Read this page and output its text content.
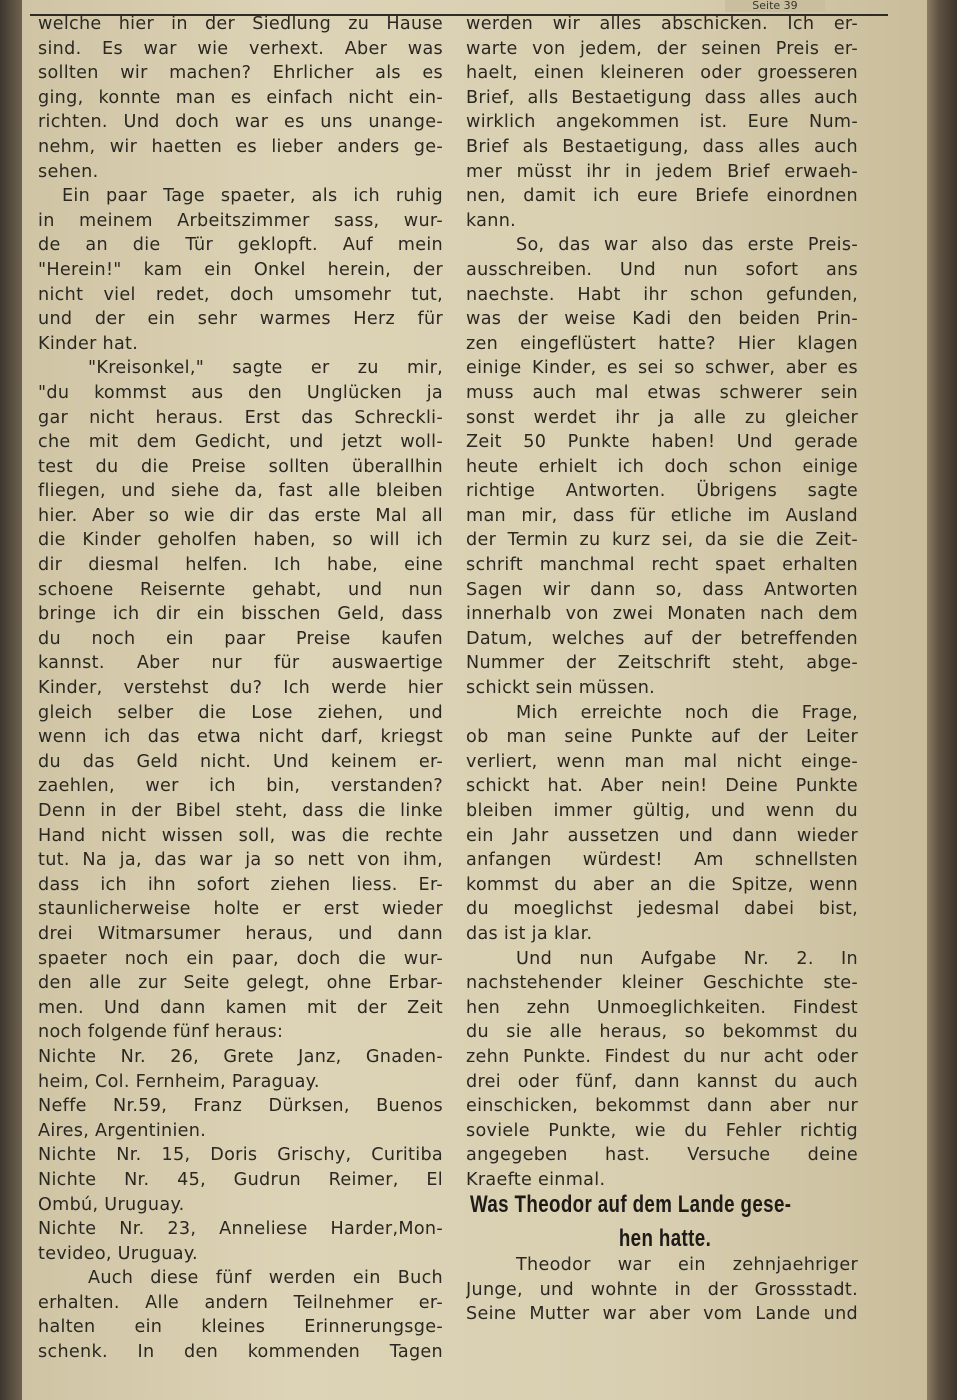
Seite 39
welche hier in der Siedlung zu Hause
sind. Es war wie verhext. Aber was
sollten wir machen? Ehrlicher als es
ging, konnte man es einfach nicht ein-
richten. Und doch war es uns unange-
nehm, wir haetten es lieber anders ge-
sehen.
Ein paar Tage spaeter, als ich ruhig
in meinem Arbeitszimmer sass, wur-
de an die Tür geklopft. Auf mein
"Herein!" kam ein Onkel herein, der
nicht viel redet, doch umsomehr tut,
und der ein sehr warmes Herz für
Kinder hat.
"Kreisonkel," sagte er zu mir,
"du kommst aus den Unglücken ja
gar nicht heraus. Erst das Schreckli-
che mit dem Gedicht, und jetzt woll-
test du die Preise sollten überallhin
fliegen, und siehe da, fast alle bleiben
hier. Aber so wie dir das erste Mal all
die Kinder geholfen haben, so will ich
dir diesmal helfen. Ich habe, eine
schoene Reisernte gehabt, und nun
bringe ich dir ein bisschen Geld, dass
du noch ein paar Preise kaufen
kannst. Aber nur für auswaertige
Kinder, verstehst du? Ich werde hier
gleich selber die Lose ziehen, und
wenn ich das etwa nicht darf, kriegst
du das Geld nicht. Und keinem er-
zaehlen, wer ich bin, verstanden?
Denn in der Bibel steht, dass die linke
Hand nicht wissen soll, was die rechte
tut. Na ja, das war ja so nett von ihm,
dass ich ihn sofort ziehen liess. Er-
staunlicherweise holte er erst wieder
drei Witmarsumer heraus, und dann
spaeter noch ein paar, doch die wur-
den alle zur Seite gelegt, ohne Erbar-
men. Und dann kamen mit der Zeit
noch folgende fünf heraus:
Nichte Nr. 26, Grete Janz, Gnaden-
heim, Col. Fernheim, Paraguay.
Neffe Nr.59, Franz Dürksen, Buenos
Aires, Argentinien.
Nichte Nr. 15, Doris Grischy, Curitiba
Nichte Nr. 45, Gudrun Reimer, El
Ombú, Uruguay.
Nichte Nr. 23, Anneliese Harder,Mon-
tevideo, Uruguay.
Auch diese fünf werden ein Buch
erhalten. Alle andern Teilnehmer er-
halten ein kleines Erinnerungsge-
schenk. In den kommenden Tagen
werden wir alles abschicken. Ich er-
warte von jedem, der seinen Preis er-
haelt, einen kleineren oder groesseren
Brief, alls Bestaetigung dass alles auch
wirklich angekommen ist. Eure Num-
Brief als Bestaetigung, dass alles auch
mer müsst ihr in jedem Brief erwaeh-
nen, damit ich eure Briefe einordnen
kann.
So, das war also das erste Preis-
ausschreiben. Und nun sofort ans
naechste. Habt ihr schon gefunden,
was der weise Kadi den beiden Prin-
zen eingeflüstert hatte? Hier klagen
einige Kinder, es sei so schwer, aber es
muss auch mal etwas schwerer sein
sonst werdet ihr ja alle zu gleicher
Zeit 50 Punkte haben! Und gerade
heute erhielt ich doch schon einige
richtige Antworten. Übrigens sagte
man mir, dass für etliche im Ausland
der Termin zu kurz sei, da sie die Zeit-
schrift manchmal recht spaet erhalten
Sagen wir dann so, dass Antworten
innerhalb von zwei Monaten nach dem
Datum, welches auf der betreffenden
Nummer der Zeitschrift steht, abge-
schickt sein müssen.
Mich erreichte noch die Frage,
ob man seine Punkte auf der Leiter
verliert, wenn man mal nicht einge-
schickt hat. Aber nein! Deine Punkte
bleiben immer gültig, und wenn du
ein Jahr aussetzen und dann wieder
anfangen würdest! Am schnellsten
kommst du aber an die Spitze, wenn
du moeglichst jedesmal dabei bist,
das ist ja klar.
Und nun Aufgabe Nr. 2. In
nachstehender kleiner Geschichte ste-
hen zehn Unmoeglichkeiten. Findest
du sie alle heraus, so bekommst du
zehn Punkte. Findest du nur acht oder
drei oder fünf, dann kannst du auch
einschicken, bekommst dann aber nur
soviele Punkte, wie du Fehler richtig
angegeben hast. Versuche deine
Kraefte einmal.
Was Theodor auf dem Lande gese-
hen hatte.
Theodor war ein zehnjaehriger
Junge, und wohnte in der Grossstadt.
Seine Mutter war aber vom Lande und
